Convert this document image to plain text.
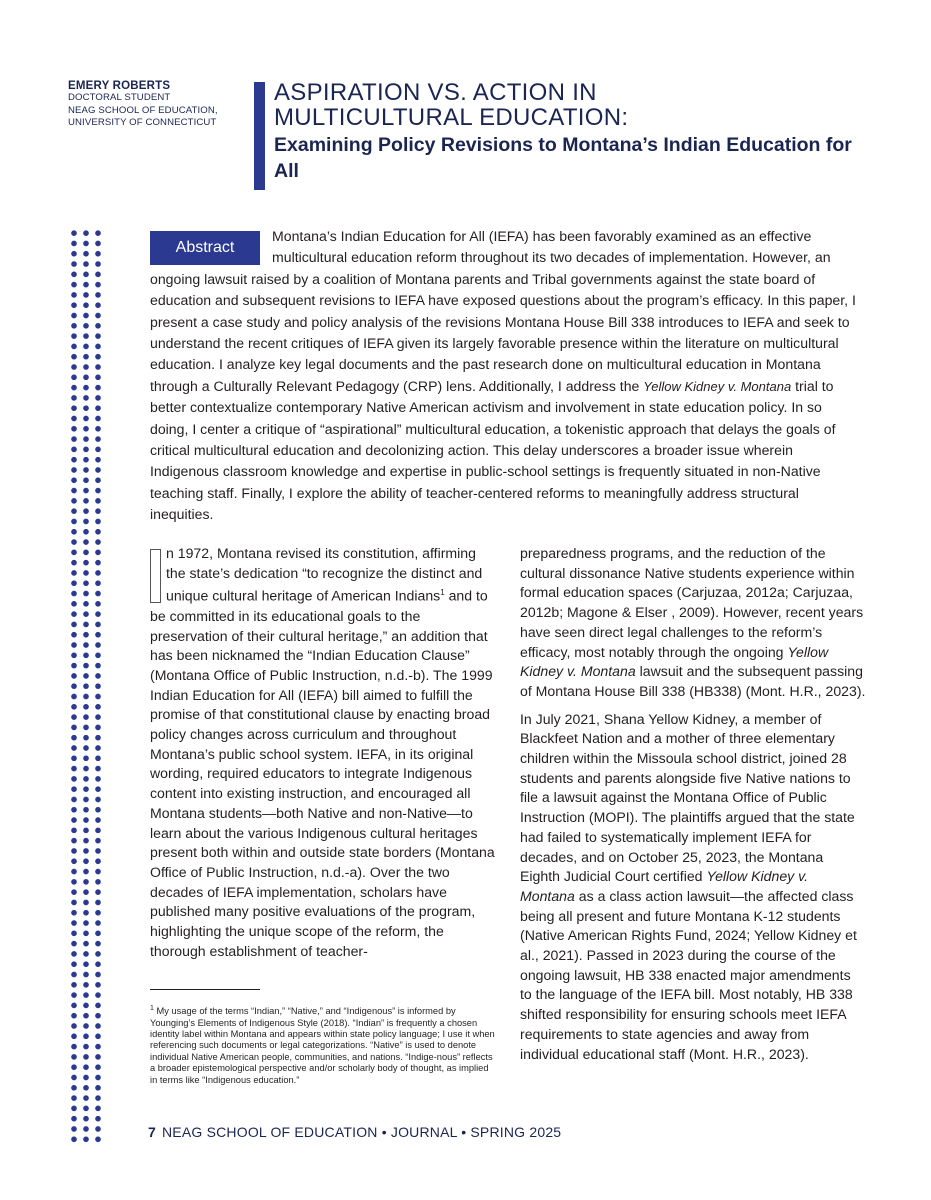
EMERY ROBERTS
DOCTORAL STUDENT
NEAG SCHOOL OF EDUCATION,
UNIVERSITY OF CONNECTICUT
ASPIRATION VS. ACTION IN
MULTICULTURAL EDUCATION:
Examining Policy Revisions to Montana’s Indian Education for All
Abstract
Montana’s Indian Education for All (IEFA) has been favorably examined as an effective multicultural education reform throughout its two decades of implementation. However, an ongoing lawsuit raised by a coalition of Montana parents and Tribal governments against the state board of education and subsequent revisions to IEFA have exposed questions about the program’s efficacy. In this paper, I present a case study and policy analysis of the revisions Montana House Bill 338 introduces to IEFA and seek to understand the recent critiques of IEFA given its largely favorable presence within the literature on multicultural education. I analyze key legal documents and the past research done on multicultural education in Montana through a Culturally Relevant Pedagogy (CRP) lens. Additionally, I address the Yellow Kidney v. Montana trial to better contextualize contemporary Native American activism and involvement in state education policy. In so doing, I center a critique of “aspirational” multicultural education, a tokenistic approach that delays the goals of critical multicultural education and decolonizing action. This delay underscores a broader issue wherein Indigenous classroom knowledge and expertise in public-school settings is frequently situated in non-Native teaching staff. Finally, I explore the ability of teacher-centered reforms to meaningfully address structural inequities.

n 1972, Montana revised its constitution, affirming the state’s dedication “to recognize the distinct and unique cultural heritage of American Indians$^1$ and to be committed in its educational goals to the preservation of their cultural heritage,” an addition that has been nicknamed the “Indian Education Clause” (Montana Office of Public Instruction, n.d.-b). The 1999 Indian Education for All (IEFA) bill aimed to fulfill the promise of that constitutional clause by enacting broad policy changes across curriculum and throughout Montana’s public school system. IEFA, in its original wording, required educators to integrate Indigenous content into existing instruction, and encouraged all Montana students—both Native and non-Native—to learn about the various Indigenous cultural heritages present both within and outside state borders (Montana Office of Public Instruction, n.d.-a). Over the two decades of IEFA implementation, scholars have published many positive evaluations of the program, highlighting the unique scope of the reform, the thorough establishment of teacher-

preparedness programs, and the reduction of the cultural dissonance Native students experience within formal education spaces (Carjuzaa, 2012a; Carjuzaa, 2012b; Magone & Elser , 2009). However, recent years have seen direct legal challenges to the reform’s efficacy, most notably through the ongoing Yellow Kidney v. Montana lawsuit and the subsequent passing of Montana House Bill 338 (HB338) (Mont. H.R., 2023).

In July 2021, Shana Yellow Kidney, a member of Blackfeet Nation and a mother of three elementary children within the Missoula school district, joined 28 students and parents alongside five Native nations to file a lawsuit against the Montana Office of Public Instruction (MOPI). The plaintiffs argued that the state had failed to systematically implement IEFA for decades, and on October 25, 2023, the Montana Eighth Judicial Court certified Yellow Kidney v. Montana as a class action lawsuit—the affected class being all present and future Montana K-12 students (Native American Rights Fund, 2024; Yellow Kidney et al., 2021). Passed in 2023 during the course of the ongoing lawsuit, HB 338 enacted major amendments to the language of the IEFA bill. Most notably, HB 338 shifted responsibility for ensuring schools meet IEFA requirements to state agencies and away from individual educational staff (Mont. H.R., 2023).

$^1$ My usage of the terms “Indian,” “Native,” and “Indigenous” is informed by Younging’s Elements of Indigenous Style (2018). “Indian” is frequently a chosen identity label within Montana and appears within state policy language; I use it when referencing such documents or legal categorizations. “Native” is used to denote individual Native American people, communities, and nations. “Indige-nous” reflects a broader epistemological perspective and/or scholarly body of thought, as implied in terms like “Indigenous education.”
7 NEAG SCHOOL OF EDUCATION • JOURNAL • SPRING 2025
